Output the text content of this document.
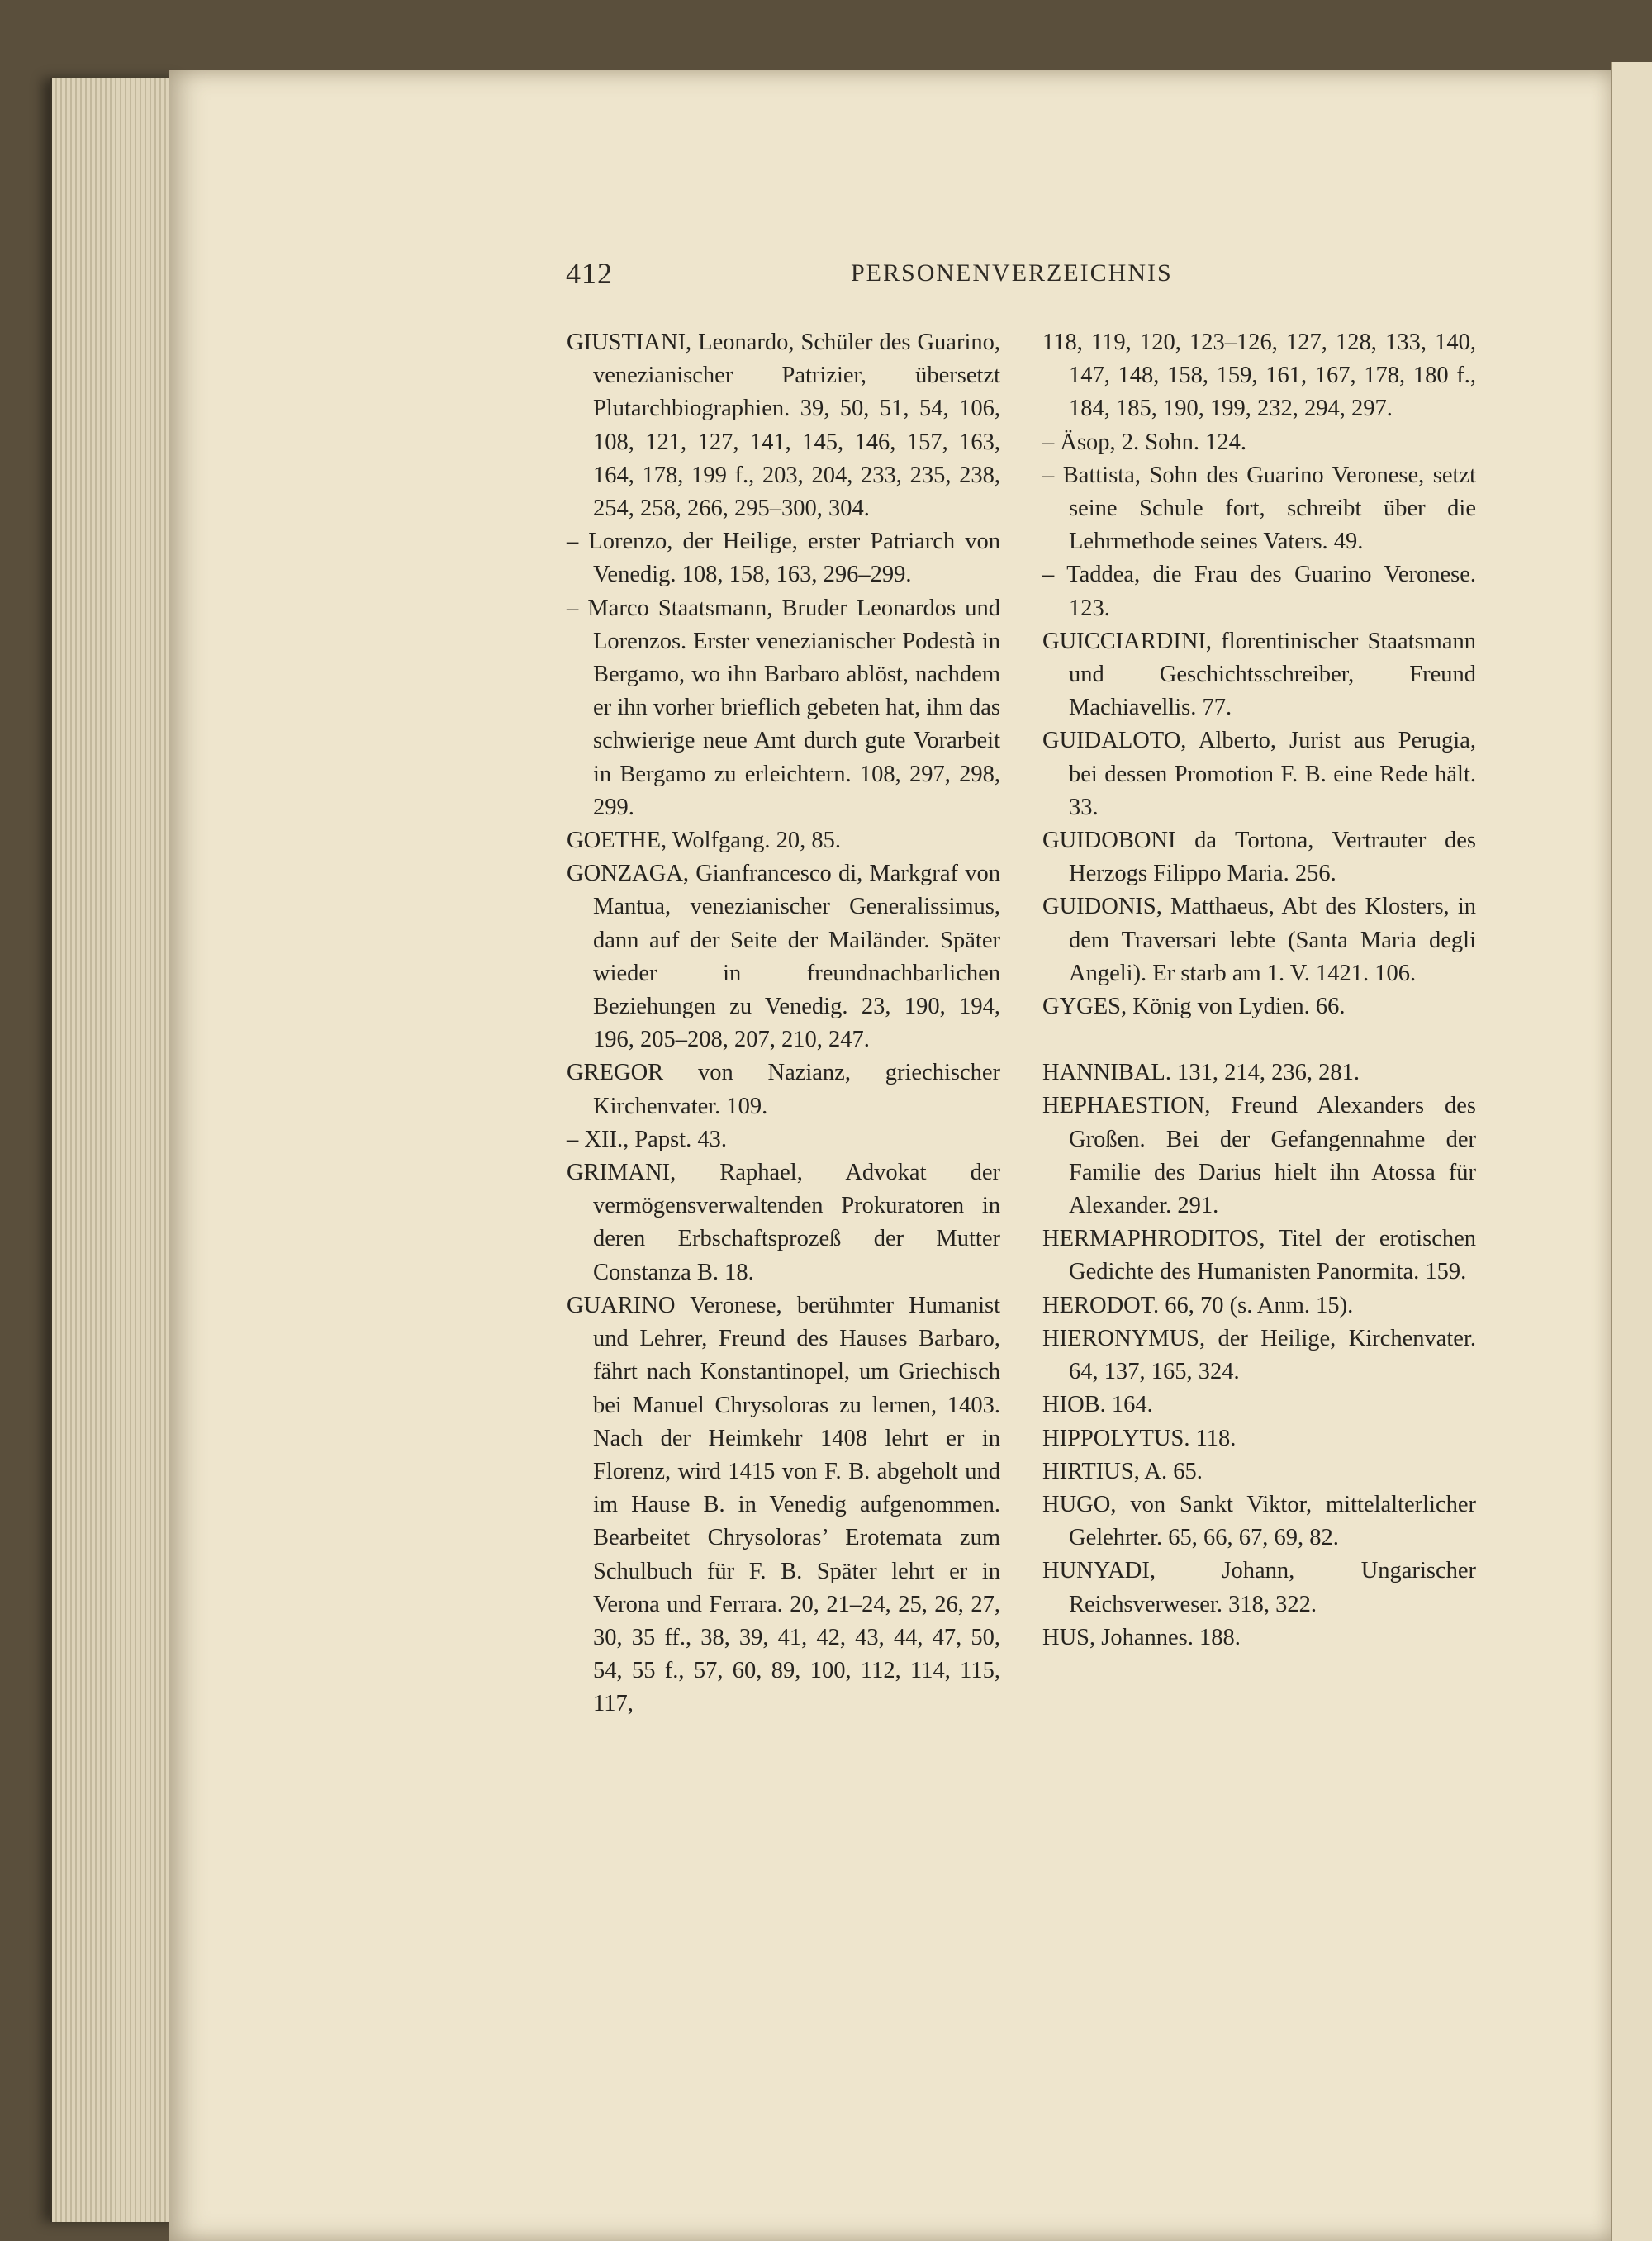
412	PERSONENVERZEICHNIS

GIUSTIANI, Leonardo, Schüler des Guarino, venezianischer Patrizier, übersetzt Plutarchbiographien. 39, 50, 51, 54, 106, 108, 121, 127, 141, 145, 146, 157, 163, 164, 178, 199 f., 203, 204, 233, 235, 238, 254, 258, 266, 295–300, 304.

– Lorenzo, der Heilige, erster Patriarch von Venedig. 108, 158, 163, 296–299.

– Marco Staatsmann, Bruder Leonardos und Lorenzos. Erster venezianischer Podestà in Bergamo, wo ihn Barbaro ablöst, nachdem er ihn vorher brieflich gebeten hat, ihm das schwierige neue Amt durch gute Vorarbeit in Bergamo zu erleichtern. 108, 297, 298, 299.

GOETHE, Wolfgang. 20, 85.

GONZAGA, Gianfrancesco di, Markgraf von Mantua, venezianischer Generalissimus, dann auf der Seite der Mailänder. Später wieder in freundnachbarlichen Beziehungen zu Venedig. 23, 190, 194, 196, 205–208, 207, 210, 247.

GREGOR von Nazianz, griechischer Kirchenvater. 109.

– XII., Papst. 43.

GRIMANI, Raphael, Advokat der vermögensverwaltenden Prokuratoren in deren Erbschaftsprozeß der Mutter Constanza B. 18.

GUARINO Veronese, berühmter Humanist und Lehrer, Freund des Hauses Barbaro, fährt nach Konstantinopel, um Griechisch bei Manuel Chrysoloras zu lernen, 1403. Nach der Heimkehr 1408 lehrt er in Florenz, wird 1415 von F. B. abgeholt und im Hause B. in Venedig aufgenommen. Bearbeitet Chrysoloras’ Erotemata zum Schulbuch für F. B. Später lehrt er in Verona und Ferrara. 20, 21–24, 25, 26, 27, 30, 35 ff., 38, 39, 41, 42, 43, 44, 47, 50, 54, 55 f., 57, 60, 89, 100, 112, 114, 115, 117,

118, 119, 120, 123–126, 127, 128, 133, 140, 147, 148, 158, 159, 161, 167, 178, 180 f., 184, 185, 190, 199, 232, 294, 297.

– Äsop, 2. Sohn. 124.

– Battista, Sohn des Guarino Veronese, setzt seine Schule fort, schreibt über die Lehrmethode seines Vaters. 49.

– Taddea, die Frau des Guarino Veronese. 123.

GUICCIARDINI, florentinischer Staatsmann und Geschichtsschreiber, Freund Machiavellis. 77.

GUIDALOTO, Alberto, Jurist aus Perugia, bei dessen Promotion F. B. eine Rede hält. 33.

GUIDOBONI da Tortona, Vertrauter des Herzogs Filippo Maria. 256.

GUIDONIS, Matthaeus, Abt des Klosters, in dem Traversari lebte (Santa Maria degli Angeli). Er starb am 1. V. 1421. 106.

GYGES, König von Lydien. 66.

HANNIBAL. 131, 214, 236, 281.

HEPHAESTION, Freund Alexanders des Großen. Bei der Gefangennahme der Familie des Darius hielt ihn Atossa für Alexander. 291.

HERMAPHRODITOS, Titel der erotischen Gedichte des Humanisten Panormita. 159.

HERODOT. 66, 70 (s. Anm. 15).

HIERONYMUS, der Heilige, Kirchenvater. 64, 137, 165, 324.

HIOB. 164.

HIPPOLYTUS. 118.

HIRTIUS, A. 65.

HUGO, von Sankt Viktor, mittelalterlicher Gelehrter. 65, 66, 67, 69, 82.

HUNYADI, Johann, Ungarischer Reichsverweser. 318, 322.

HUS, Johannes. 188.
